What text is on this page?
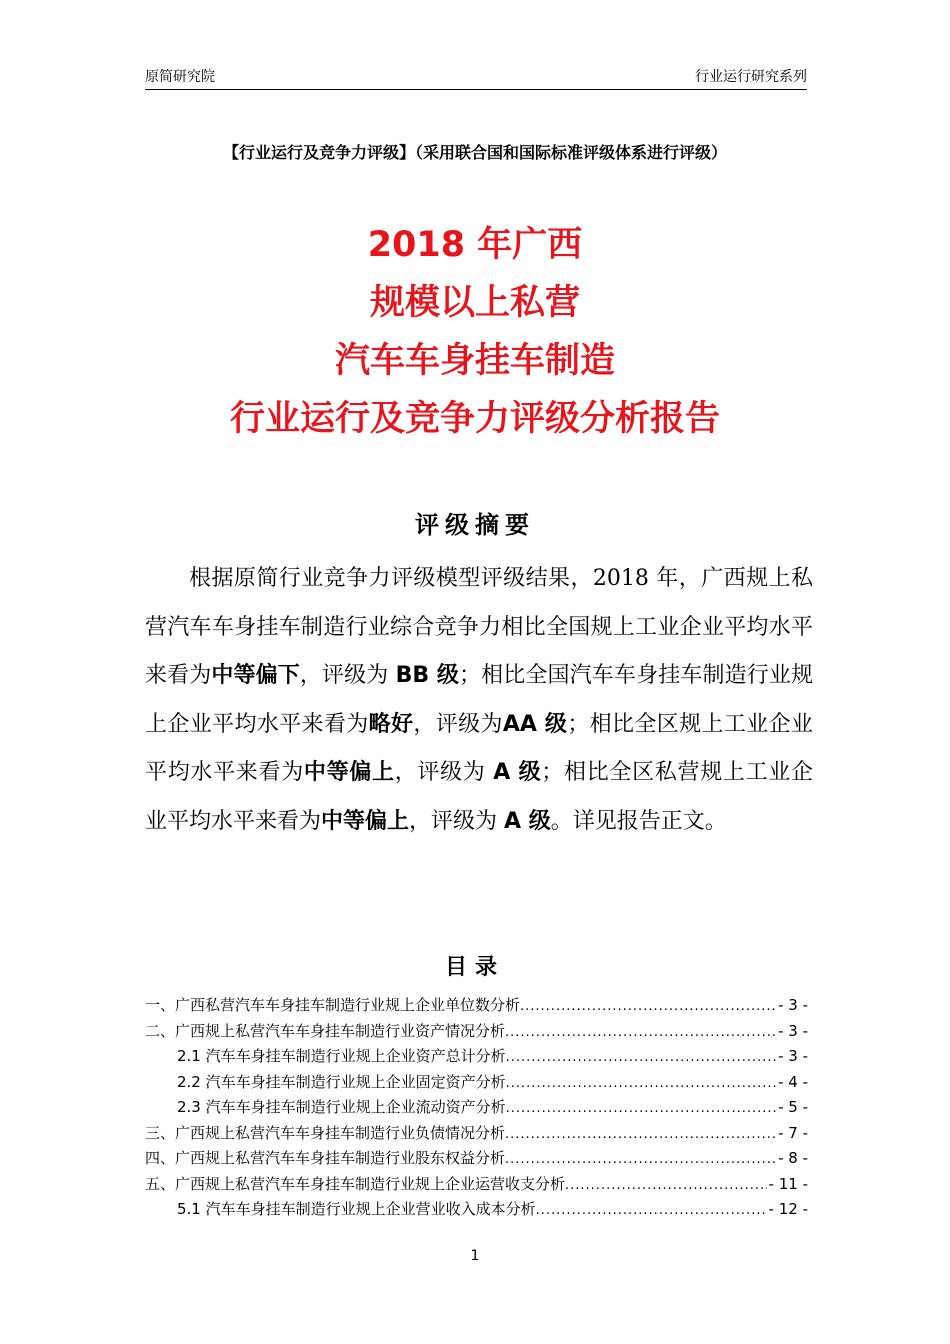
原简研究院	行业运行研究系列
【行业运行及竞争力评级】（采用联合国和国际标准评级体系进行评级）
2018 年广西
规模以上私营
汽车车身挂车制造
行业运行及竞争力评级分析报告
评级摘要
根据原简行业竞争力评级模型评级结果，2018 年，广西规上私营汽车车身挂车制造行业综合竞争力相比全国规上工业企业平均水平来看为中等偏下，评级为 BB 级；相比全国汽车车身挂车制造行业规上企业平均水平来看为略好，评级为AA 级；相比全区规上工业企业平均水平来看为中等偏上，评级为 A 级；相比全区私营规上工业企业平均水平来看为中等偏上，评级为 A 级。详见报告正文。
目录
一、广西私营汽车车身挂车制造行业规上企业单位数分析 .....	- 3 -
二、广西规上私营汽车车身挂车制造行业资产情况分析 .....	- 3 -
2.1 汽车车身挂车制造行业规上企业资产总计分析 .....	- 3 -
2.2 汽车车身挂车制造行业规上企业固定资产分析 .....	- 4 -
2.3 汽车车身挂车制造行业规上企业流动资产分析 .....	- 5 -
三、广西规上私营汽车车身挂车制造行业负债情况分析 .....	- 7 -
四、广西规上私营汽车车身挂车制造行业股东权益分析 .....	- 8 -
五、广西规上私营汽车车身挂车制造行业规上企业运营收支分析 .....	- 11 -
5.1 汽车车身挂车制造行业规上企业营业收入成本分析 .....	- 12 -
1
